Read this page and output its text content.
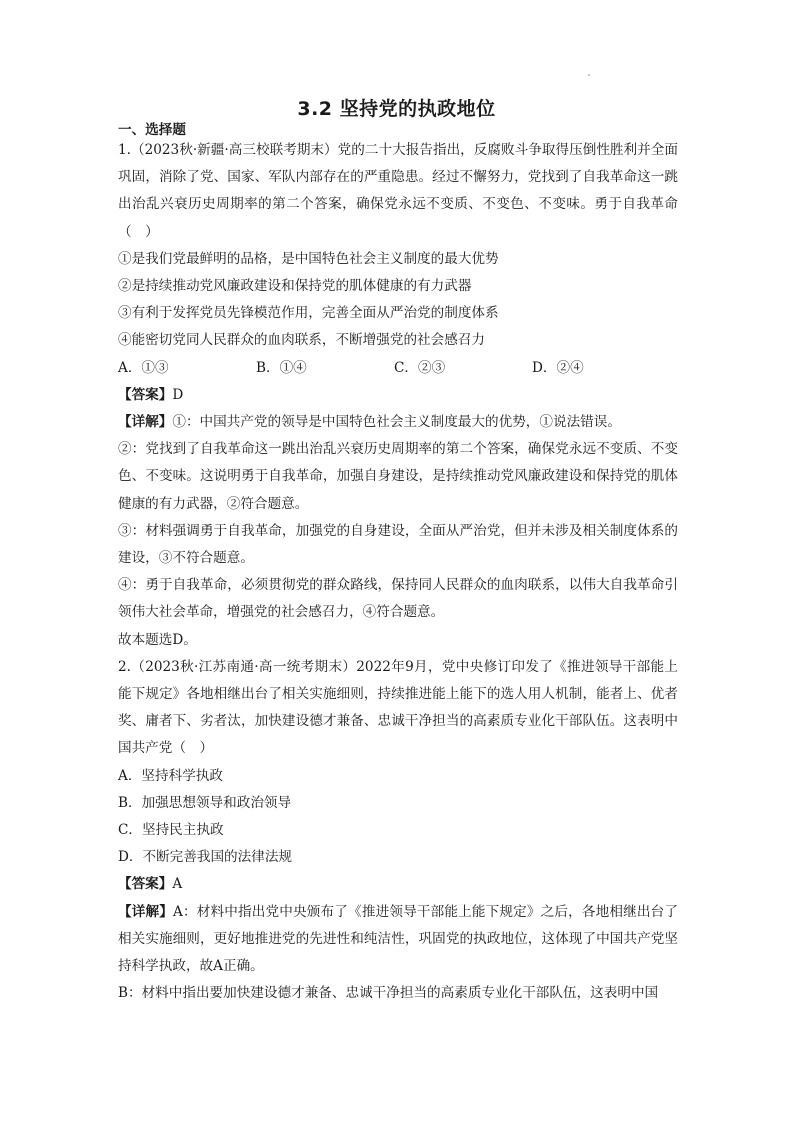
3.2 坚持党的执政地位
一、选择题
1.（2023秋·新疆·高三校联考期末）党的二十大报告指出，反腐败斗争取得压倒性胜利并全面巩固，消除了党、国家、军队内部存在的严重隐患。经过不懈努力，党找到了自我革命这一跳出治乱兴衰历史周期率的第二个答案，确保党永远不变质、不变色、不变味。勇于自我革命（　）
①是我们党最鲜明的品格，是中国特色社会主义制度的最大优势
②是持续推动党风廉政建设和保持党的肌体健康的有力武器
③有利于发挥党员先锋模范作用，完善全面从严治党的制度体系
④能密切党同人民群众的血肉联系，不断增强党的社会感召力
A．①③	B．①④	C．②③	D．②④
【答案】D
【详解】①：中国共产党的领导是中国特色社会主义制度最大的优势，①说法错误。
②：党找到了自我革命这一跳出治乱兴衰历史周期率的第二个答案，确保党永远不变质、不变色、不变味。这说明勇于自我革命，加强自身建设，是持续推动党风廉政建设和保持党的肌体健康的有力武器，②符合题意。
③：材料强调勇于自我革命，加强党的自身建设，全面从严治党，但并未涉及相关制度体系的建设，③不符合题意。
④：勇于自我革命，必须贯彻党的群众路线，保持同人民群众的血肉联系，以伟大自我革命引领伟大社会革命，增强党的社会感召力，④符合题意。
故本题选D。
2.（2023秋·江苏南通·高一统考期末）2022年9月，党中央修订印发了《推进领导干部能上能下规定》各地相继出台了相关实施细则，持续推进能上能下的选人用人机制，能者上、优者奖、庸者下、劣者汰，加快建设德才兼备、忠诚干净担当的高素质专业化干部队伍。这表明中国共产党（　）
A．坚持科学执政
B．加强思想领导和政治领导
C．坚持民主执政
D．不断完善我国的法律法规
【答案】A
【详解】A：材料中指出党中央颁布了《推进领导干部能上能下规定》之后，各地相继出台了相关实施细则，更好地推进党的先进性和纯洁性，巩固党的执政地位，这体现了中国共产党坚持科学执政，故A正确。
B：材料中指出要加快建设德才兼备、忠诚干净担当的高素质专业化干部队伍，这表明中国
